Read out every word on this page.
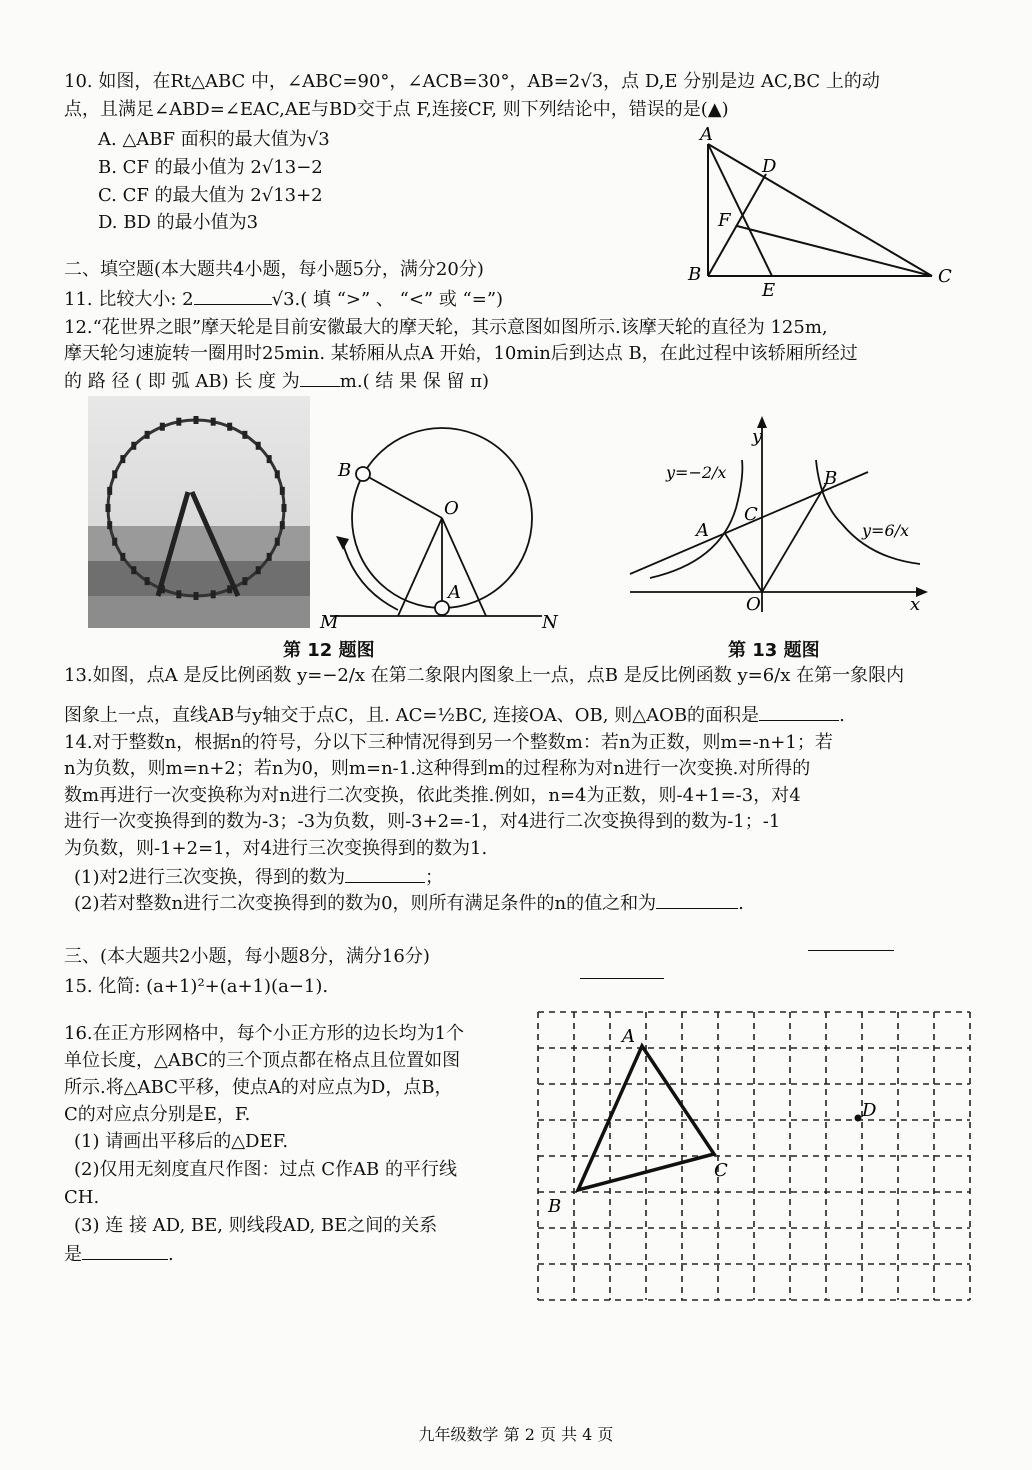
10. 如图，在Rt△ABC 中，∠ABC=90°，∠ACB=30°，AB=2√3，点 D,E 分别是边 AC,BC 上的动
点，且满足∠ABD=∠EAC,AE与BD交于点 F,连接CF, 则下列结论中，错误的是(▲)
A. △ABF 面积的最大值为√3
B. CF 的最小值为 2√13−2
C. CF 的最大值为 2√13+2
D. BD 的最小值为3
A
B	C
D
E
F
二、填空题(本大题共4小题，每小题5分，满分20分)
11. 比较大小: 2	√3.( 填 “>” 、 “<” 或 “=”)
12.“花世界之眼”摩天轮是目前安徽最大的摩天轮，其示意图如图所示.该摩天轮的直径为 125m,
摩天轮匀速旋转一圈用时25min. 某轿厢从点A 开始，10min后到达点 B，在此过程中该轿厢所经过
的 路 径 ( 即 弧 AB) 长 度 为 m.( 结 果 保 留 π)
B
O
A
M	N
第 12 题图
y
x
O
A
B
C
y=−2/x
y=6/x
第 13 题图
13.如图，点A 是反比例函数 y=−2/x 在第二象限内图象上一点，点B 是反比例函数 y=6/x 在第一象限内
图象上一点，直线AB与y轴交于点C，且. AC=½BC, 连接OA、OB, 则△AOB的面积是	.
14.对于整数n，根据n的符号，分以下三种情况得到另一个整数m：若n为正数，则m=-n+1；若
n为负数，则m=n+2；若n为0，则m=n-1.这种得到m的过程称为对n进行一次变换.对所得的
数m再进行一次变换称为对n进行二次变换，依此类推.例如，n=4为正数，则-4+1=-3，对4
进行一次变换得到的数为-3；-3为负数，则-3+2=-1，对4进行二次变换得到的数为-1；-1
为负数，则-1+2=1，对4进行三次变换得到的数为1.
(1)对2进行三次变换，得到的数为	；
(2)若对整数n进行二次变换得到的数为0，则所有满足条件的n的值之和为	.
三、(本大题共2小题，每小题8分，满分16分)
15. 化简: (a+1)²+(a+1)(a−1).
16.在正方形网格中，每个小正方形的边长均为1个
单位长度，△ABC的三个顶点都在格点且位置如图
所示.将△ABC平移，使点A的对应点为D，点B，
C的对应点分别是E，F.
(1) 请画出平移后的△DEF.
(2)仅用无刻度直尺作图：过点 C作AB 的平行线
CH.
(3) 连 接 AD, BE, 则线段AD, BE之间的关系
是	.
A
B
C
D
九年级数学 第 2 页 共 4 页
